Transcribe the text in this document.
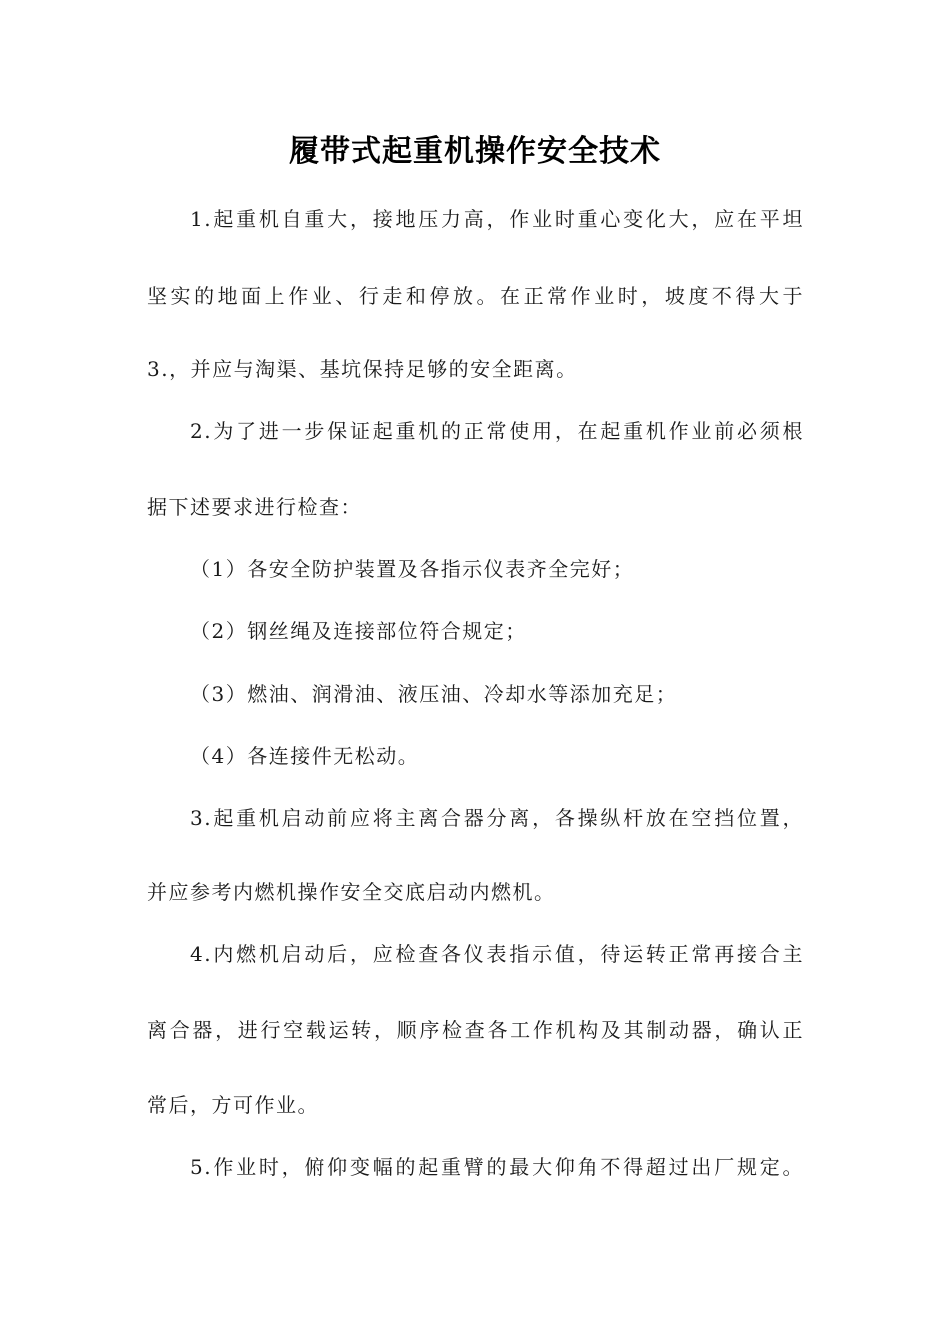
履带式起重机操作安全技术
1.起重机自重大，接地压力高，作业时重心变化大，应在平坦
坚实的地面上作业、行走和停放。在正常作业时，坡度不得大于
3.，并应与淘渠、基坑保持足够的安全距离。
2.为了进一步保证起重机的正常使用，在起重机作业前必须根
据下述要求进行检查：
（1）各安全防护装置及各指示仪表齐全完好；
（2）钢丝绳及连接部位符合规定；
（3）燃油、润滑油、液压油、冷却水等添加充足；
（4）各连接件无松动。
3.起重机启动前应将主离合器分离，各操纵杆放在空挡位置，
并应参考内燃机操作安全交底启动内燃机。
4.内燃机启动后，应检查各仪表指示值，待运转正常再接合主
离合器，进行空载运转，顺序检查各工作机构及其制动器，确认正
常后，方可作业。
5.作业时，俯仰变幅的起重臂的最大仰角不得超过出厂规定。
